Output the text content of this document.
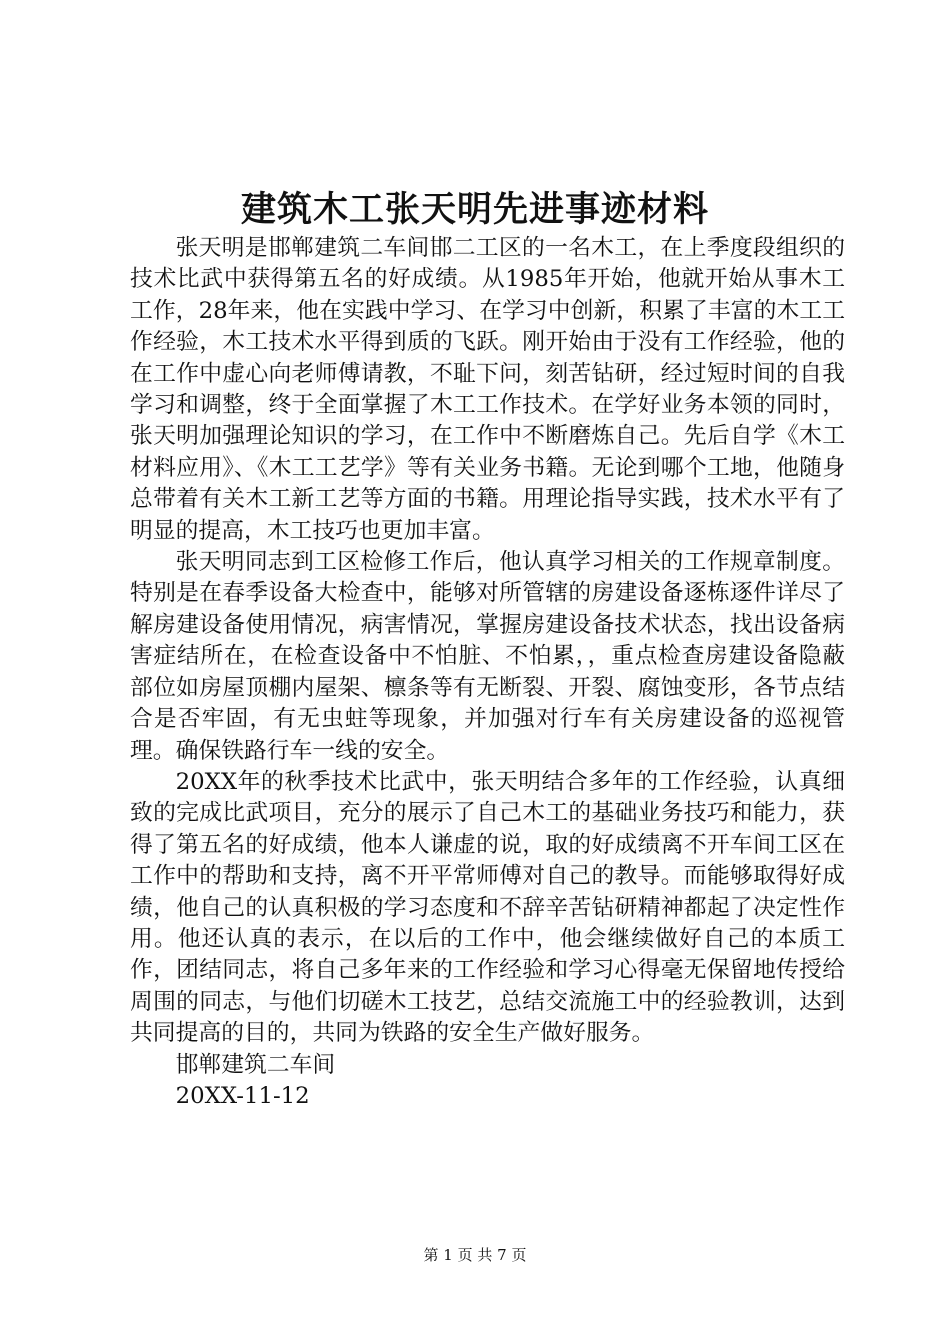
建筑木工张天明先进事迹材料

张天明是邯郸建筑二车间邯二工区的一名木工，在上季度段组织的技术比武中获得第五名的好成绩。从1985年开始，他就开始从事木工工作，28年来，他在实践中学习、在学习中创新，积累了丰富的木工工作经验，木工技术水平得到质的飞跃。刚开始由于没有工作经验，他的在工作中虚心向老师傅请教，不耻下问，刻苦钻研，经过短时间的自我学习和调整，终于全面掌握了木工工作技术。在学好业务本领的同时，张天明加强理论知识的学习，在工作中不断磨炼自己。先后自学《木工材料应用》、《木工工艺学》等有关业务书籍。无论到哪个工地，他随身总带着有关木工新工艺等方面的书籍。用理论指导实践，技术水平有了明显的提高，木工技巧也更加丰富。

张天明同志到工区检修工作后，他认真学习相关的工作规章制度。特别是在春季设备大检查中，能够对所管辖的房建设备逐栋逐件详尽了解房建设备使用情况，病害情况，掌握房建设备技术状态，找出设备病害症结所在，在检查设备中不怕脏、不怕累，，重点检查房建设备隐蔽部位如房屋顶棚内屋架、檩条等有无断裂、开裂、腐蚀变形，各节点结合是否牢固，有无虫蛀等现象，并加强对行车有关房建设备的巡视管理。确保铁路行车一线的安全。

20XX年的秋季技术比武中，张天明结合多年的工作经验，认真细致的完成比武项目，充分的展示了自己木工的基础业务技巧和能力，获得了第五名的好成绩，他本人谦虚的说，取的好成绩离不开车间工区在工作中的帮助和支持，离不开平常师傅对自己的教导。而能够取得好成绩，他自己的认真积极的学习态度和不辞辛苦钻研精神都起了决定性作用。他还认真的表示，在以后的工作中，他会继续做好自己的本质工作，团结同志，将自己多年来的工作经验和学习心得毫无保留地传授给周围的同志，与他们切磋木工技艺，总结交流施工中的经验教训，达到共同提高的目的，共同为铁路的安全生产做好服务。

邯郸建筑二车间

20XX-11-12

第 1 页 共 7 页
